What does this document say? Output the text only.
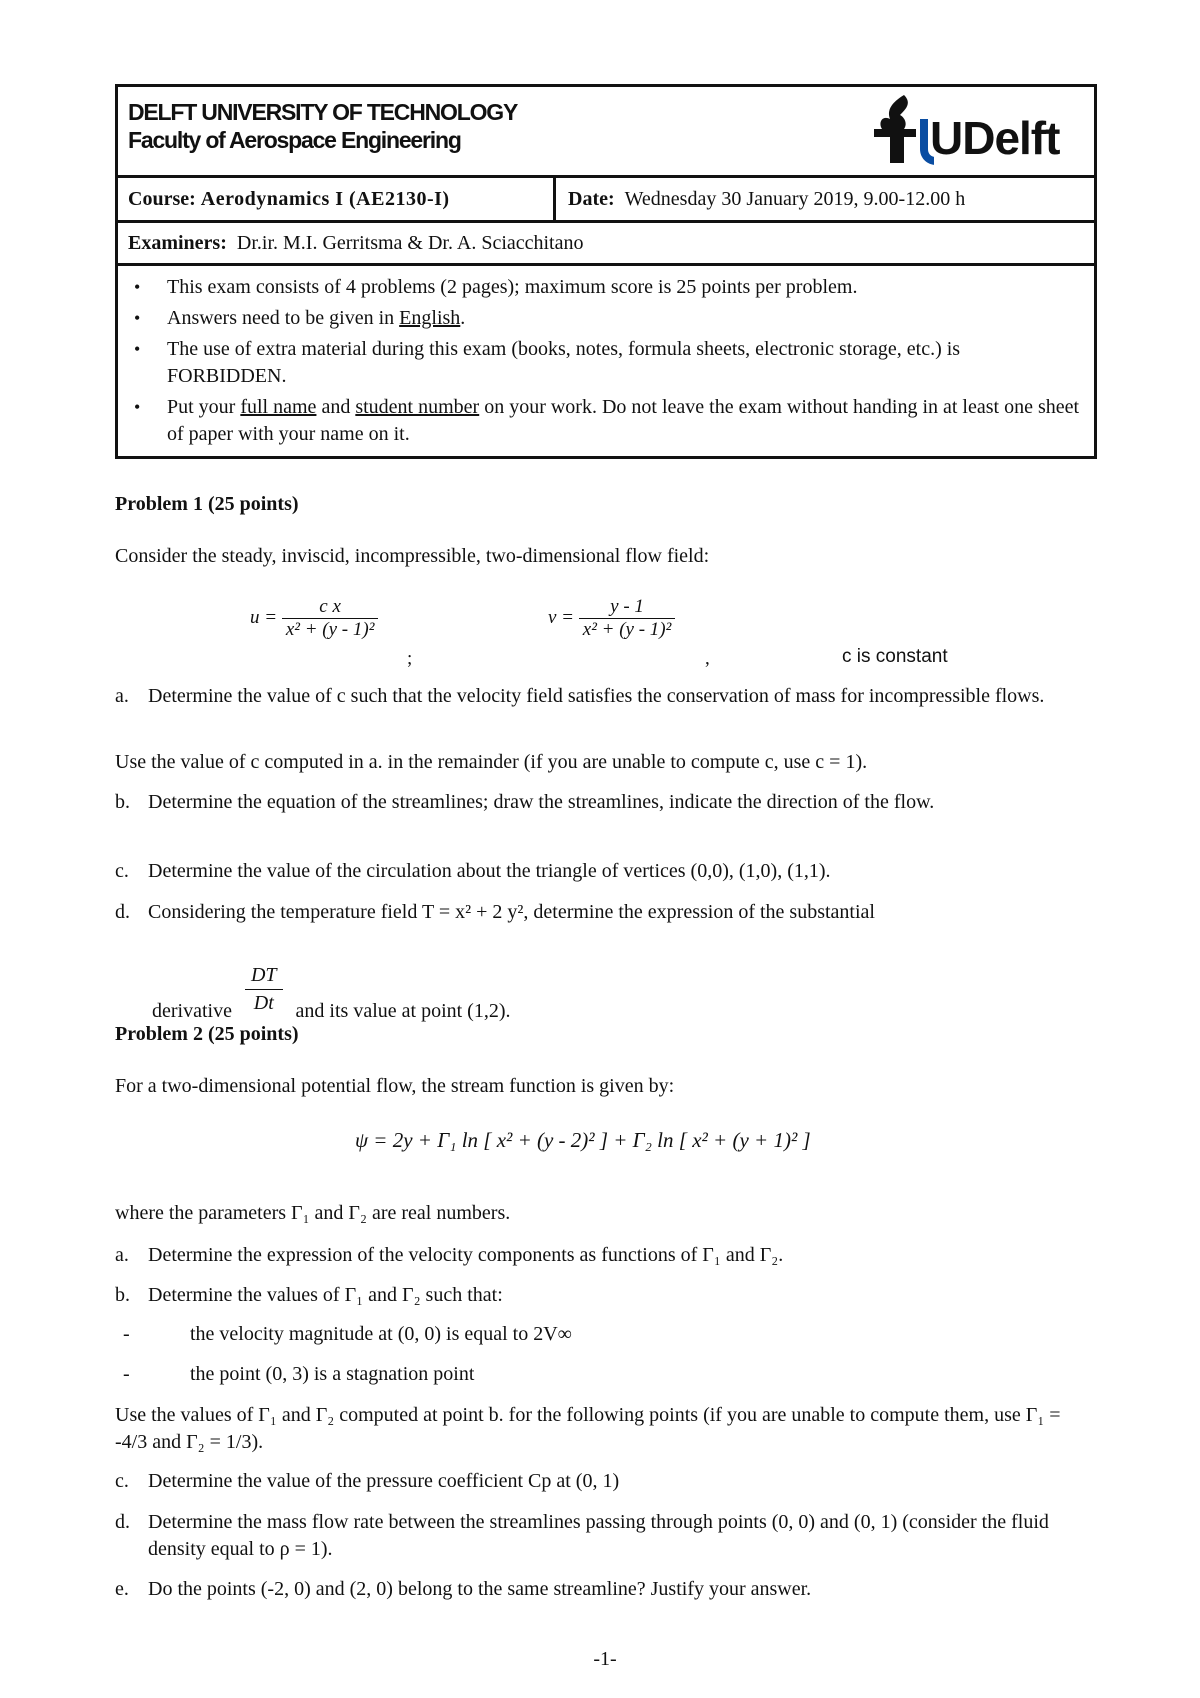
DELFT UNIVERSITY OF TECHNOLOGY
Faculty of Aerospace Engineering	UDelft
Course:
Aerodynamics I (AE2130-I)	Date:
Wednesday 30 January 2019, 9.00-12.00 h
Examiners:
Dr.ir. M.I. Gerritsma & Dr. A. Sciacchitano
•	This exam consists of 4 problems (2 pages); maximum score is 25 points per problem.
•	Answers need to be given in English.
•	The use of extra material during this exam (books, notes, formula sheets, electronic storage, etc.) is FORBIDDEN.
•	Put your full name and student number on your work. Do not leave the exam without handing in at least one sheet of paper with your name on it.
Problem 1 (25 points)
Consider the steady, inviscid, incompressible, two-dimensional flow field:
$u = \frac{\text{c x}}{\text{x² + (y - 1)²}}$
;
$v = \frac{y - 1}{\text{x² + (y - 1)²}}$
,	c is constant
a. Determine the value of c such that the velocity field satisfies the conservation of mass for incompressible flows.
Use the value of c computed in a. in the remainder (if you are unable to compute c, use c = 1).
b. Determine the equation of the streamlines; draw the streamlines, indicate the direction of the flow.
c. Determine the value of the circulation about the triangle of vertices (0,0), (1,0), (1,1).
d. Considering the temperature field T = x² + 2 y², determine the expression of the substantial
derivative $\frac{DT}{Dt}$ and its value at point (1,2).
Problem 2 (25 points)
For a two-dimensional potential flow, the stream function is given by:
ψ = 2y + Γ₁ ln [ x² + (y - 2)² ] + Γ₂ ln [ x² + (y + 1)² ]
where the parameters Γ₁ and Γ₂ are real numbers.
a. Determine the expression of the velocity components as functions of Γ₁ and Γ₂.
b. Determine the values of Γ₁ and Γ₂ such that:
-	the velocity magnitude at (0, 0) is equal to 2V∞
-	the point (0, 3) is a stagnation point
Use the values of Γ₁ and Γ₂ computed at point b. for the following points (if you are unable to compute them, use Γ₁ = -4/3 and Γ₂ = 1/3).
c. Determine the value of the pressure coefficient Cp at (0, 1)
d. Determine the mass flow rate between the streamlines passing through points (0, 0) and (0, 1) (consider the fluid density equal to ρ = 1).
e. Do the points (-2, 0) and (2, 0) belong to the same streamline? Justify your answer.
-1-
